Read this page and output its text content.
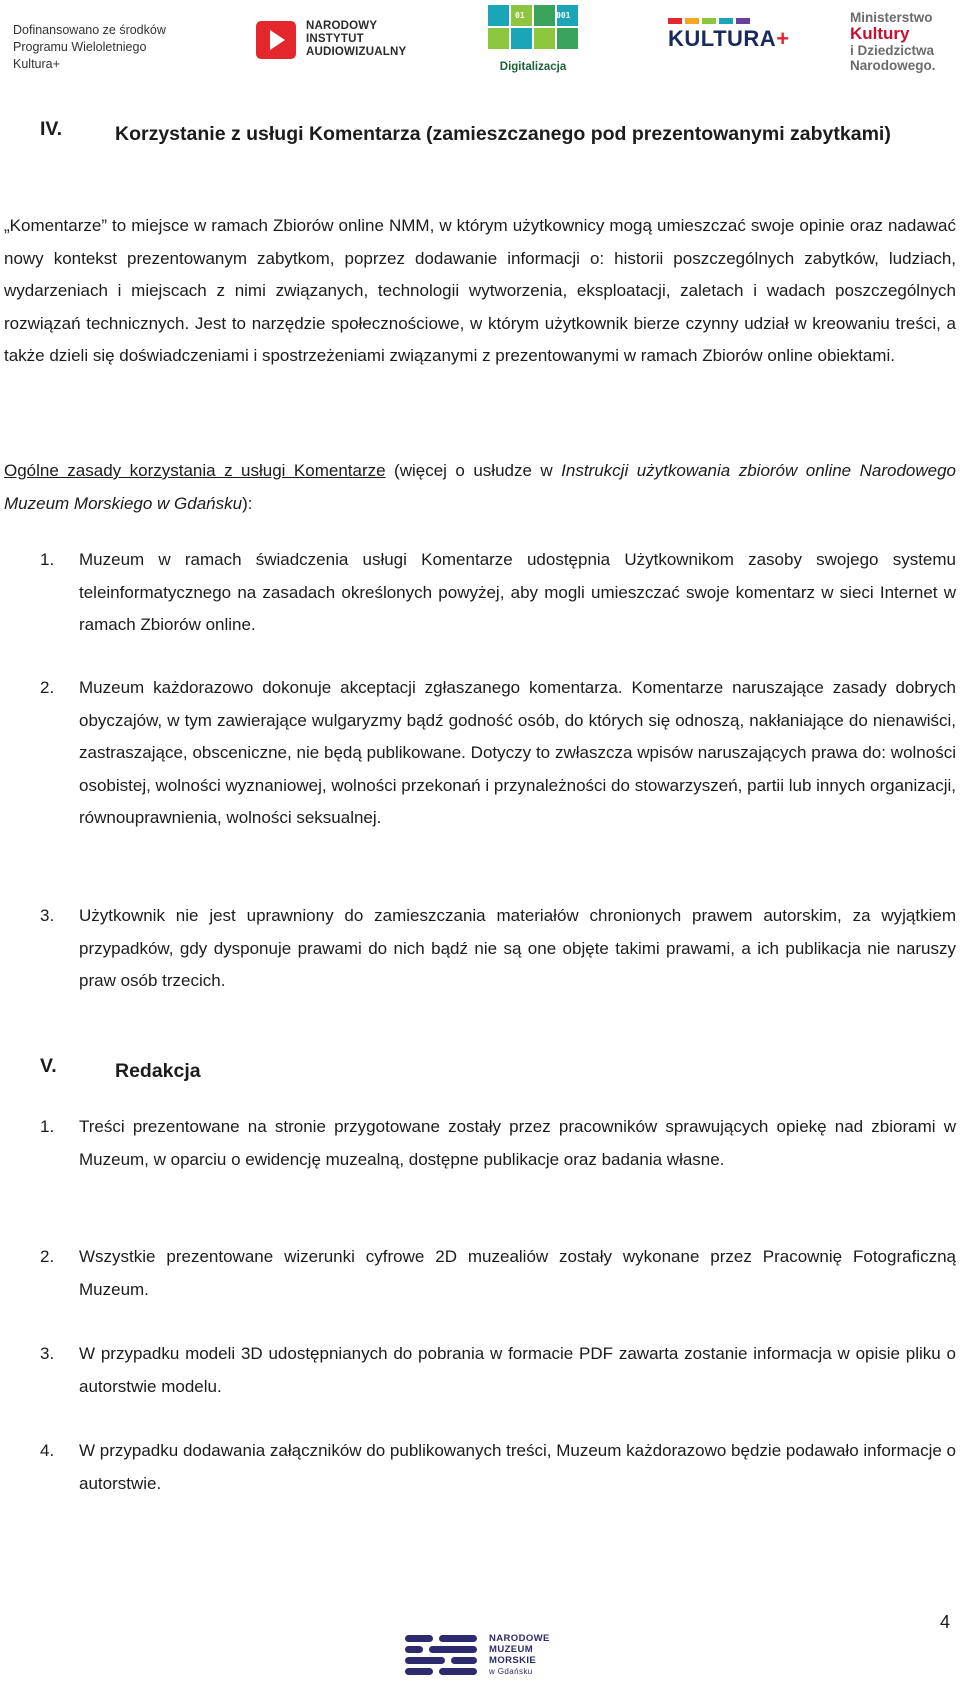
Dofinansowano ze środków
Programu Wieloletniego
Kultura+
NARODOWY
INSTYTUT
AUDIOWIZUALNY
01	001
Digitalizacja
KULTURA+
Ministerstwo
Kultury
i Dziedzictwa
Narodowego.
IV.	Korzystanie z usługi Komentarza (zamieszczanego pod prezentowanymi zabytkami)
„Komentarze” to miejsce w ramach Zbiorów online NMM, w którym użytkownicy mogą umieszczać swoje opinie oraz nadawać nowy kontekst prezentowanym zabytkom, poprzez dodawanie informacji o: historii poszczególnych zabytków, ludziach, wydarzeniach i miejscach z nimi związanych, technologii wytworzenia, eksploatacji, zaletach i wadach poszczególnych rozwiązań technicznych. Jest to narzędzie społecznościowe, w którym użytkownik bierze czynny udział w kreowaniu treści, a także dzieli się doświadczeniami i spostrzeżeniami związanymi z prezentowanymi w ramach Zbiorów online obiektami.
Ogólne zasady korzystania z usługi Komentarze (więcej o usłudze w Instrukcji użytkowania zbiorów online Narodowego Muzeum Morskiego w Gdańsku):
1. Muzeum w ramach świadczenia usługi Komentarze udostępnia Użytkownikom zasoby swojego systemu teleinformatycznego na zasadach określonych powyżej, aby mogli umieszczać swoje komentarz w sieci Internet w ramach Zbiorów online.
2. Muzeum każdorazowo dokonuje akceptacji zgłaszanego komentarza. Komentarze naruszające zasady dobrych obyczajów, w tym zawierające wulgaryzmy bądź godność osób, do których się odnoszą, nakłaniające do nienawiści, zastraszające, obsceniczne, nie będą publikowane. Dotyczy to zwłaszcza wpisów naruszających prawa do: wolności osobistej, wolności wyznaniowej, wolności przekonań i przynależności do stowarzyszeń, partii lub innych organizacji, równouprawnienia, wolności seksualnej.
3. Użytkownik nie jest uprawniony do zamieszczania materiałów chronionych prawem autorskim, za wyjątkiem przypadków, gdy dysponuje prawami do nich bądź nie są one objęte takimi prawami, a ich publikacja nie naruszy praw osób trzecich.
V.	Redakcja
1. Treści prezentowane na stronie przygotowane zostały przez pracowników sprawujących opiekę nad zbiorami w Muzeum, w oparciu o ewidencję muzealną, dostępne publikacje oraz badania własne.
2. Wszystkie prezentowane wizerunki cyfrowe 2D muzealiów zostały wykonane przez Pracownię Fotograficzną Muzeum.
3. W przypadku modeli 3D udostępnianych do pobrania w formacie PDF zawarta zostanie informacja w opisie pliku o autorstwie modelu.
4. W przypadku dodawania załączników do publikowanych treści, Muzeum każdorazowo będzie podawało informacje o autorstwie.
4
NARODOWE
MUZEUM
MORSKIE
w Gdańsku
